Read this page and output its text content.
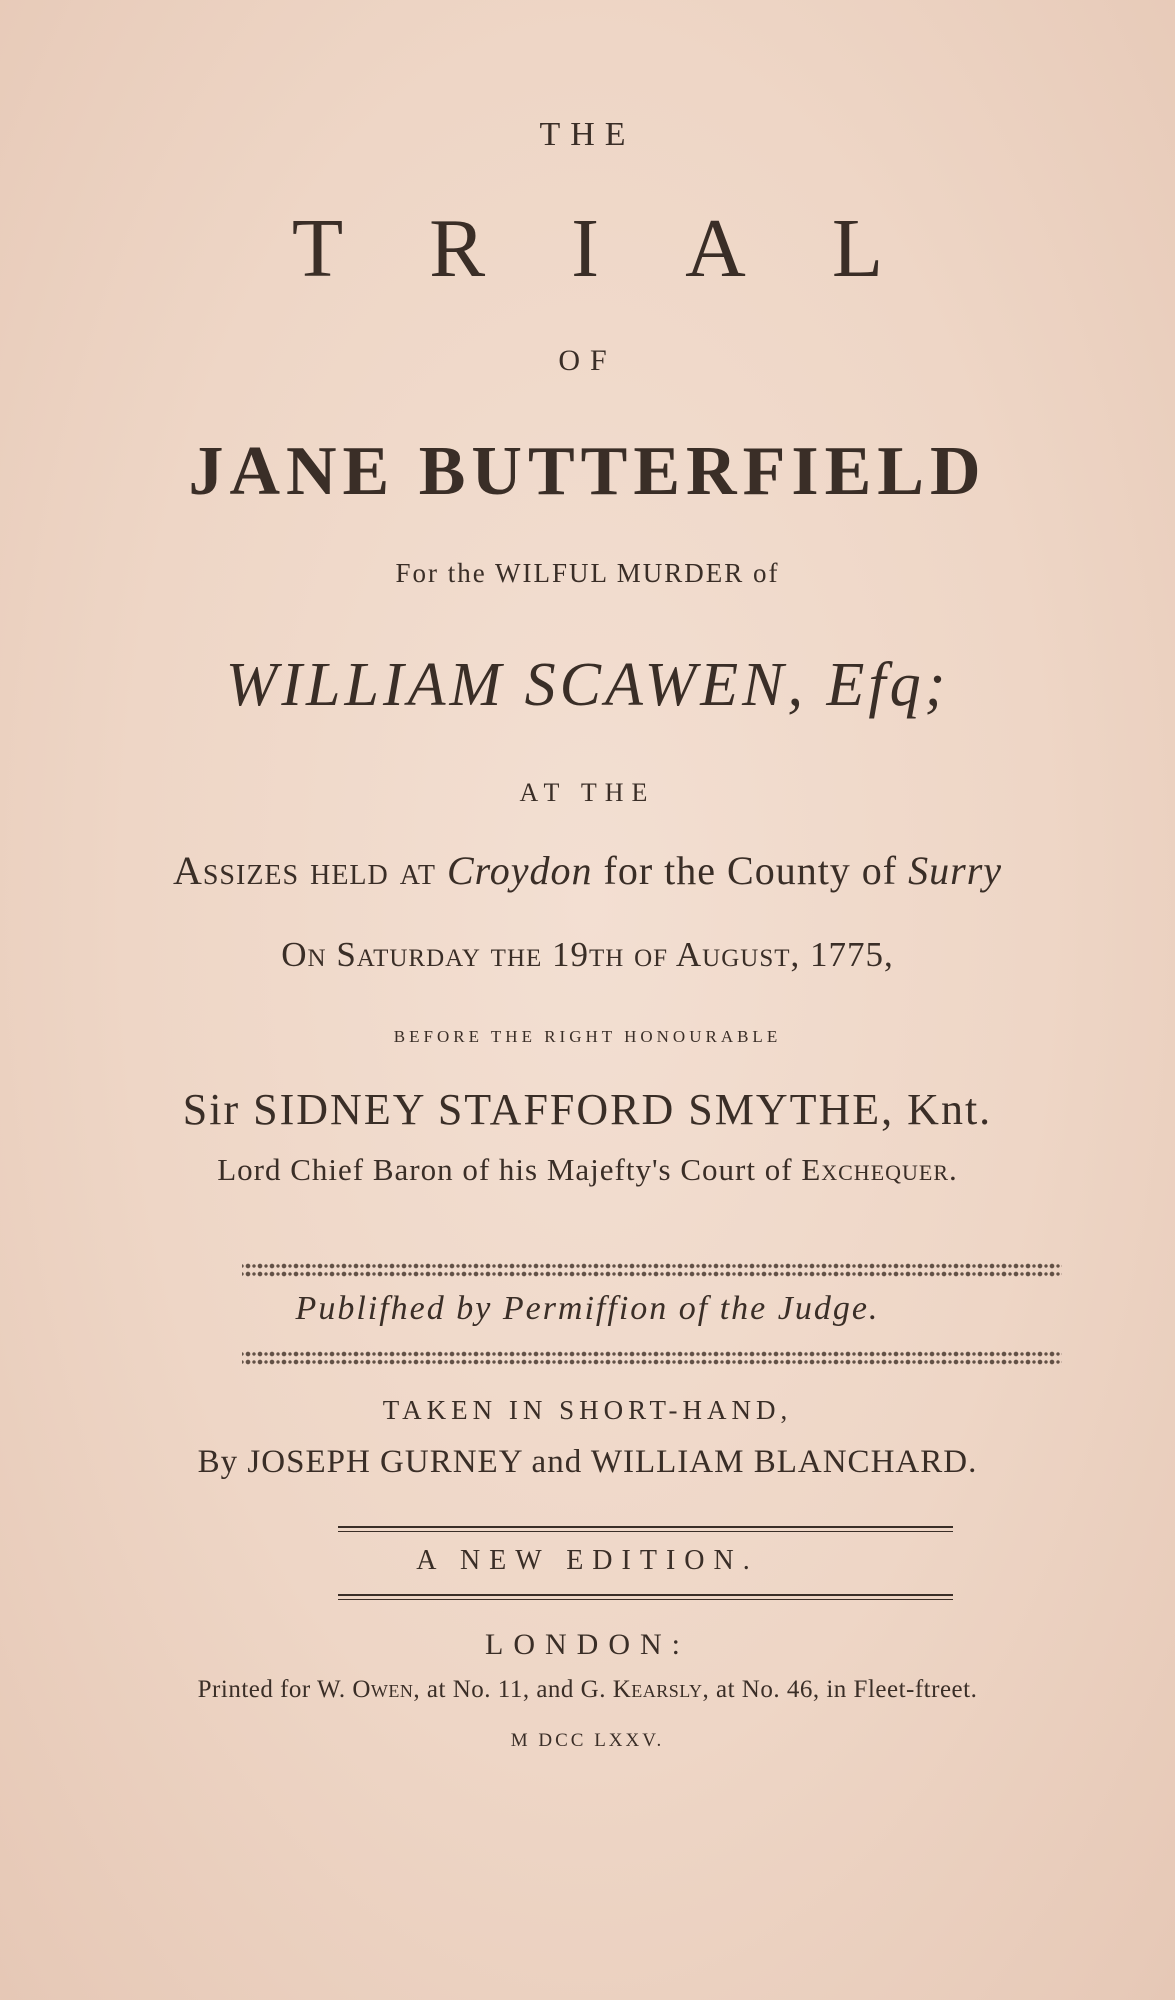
THE
TRIAL
OF
JANE BUTTERFIELD
For the WILFUL MURDER of
WILLIAM SCAWEN, Efq;
AT THE
Assizes held at Croydon for the County of Surry
On Saturday the 19th of August, 1775,
BEFORE THE RIGHT HONOURABLE
Sir SIDNEY STAFFORD SMYTHE, Knt.
Lord Chief Baron of his Majefty's Court of Exchequer.
Publifhed by Permiffion of the Judge.
TAKEN IN SHORT-HAND,
By JOSEPH GURNEY and WILLIAM BLANCHARD.
A NEW EDITION.
LONDON:
Printed for W. Owen, at No. 11, and G. Kearsly, at No. 46, in Fleet-ftreet.
M DCC LXXV.
